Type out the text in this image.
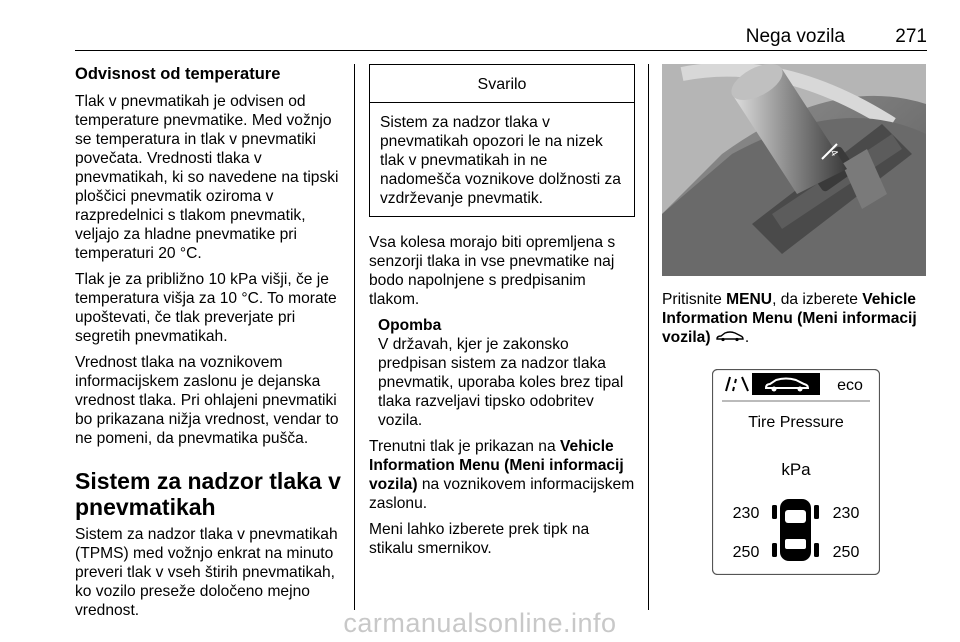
Nega vozila	271
Odvisnost od temperature

Tlak v pnevmatikah je odvisen od temperature pnevmatike. Med vožnjo se temperatura in tlak v pnevmatiki povečata. Vrednosti tlaka v pnevmatikah, ki so navedene na tipski ploščici pnevmatik oziroma v razpredelnici s tlakom pnevmatik, veljajo za hladne pnevmatike pri temperaturi 20 °C.

Tlak je za približno 10 kPa višji, če je temperatura višja za 10 °C. To morate upoštevati, če tlak preverjate pri segretih pnevmatikah.

Vrednost tlaka na voznikovem informacijskem zaslonu je dejanska vrednost tlaka. Pri ohlajeni pnevmatiki bo prikazana nižja vrednost, vendar to ne pomeni, da pnevmatika pušča.

Sistem za nadzor tlaka v pnevmatikah

Sistem za nadzor tlaka v pnevmatikah (TPMS) med vožnjo enkrat na minuto preveri tlak v vseh štirih pnevmatikah, ko vozilo preseže določeno mejno vrednost.

Svarilo
Sistem za nadzor tlaka v pnevmatikah opozori le na nizek tlak v pnevmatikah in ne nadomešča voznikove dolžnosti za vzdrževanje pnevmatik.

Vsa kolesa morajo biti opremljena s senzorji tlaka in vse pnevmatike naj bodo napolnjene s predpisanim tlakom.

Opomba
V državah, kjer je zakonsko predpisan sistem za nadzor tlaka pnevmatik, uporaba koles brez tipal tlaka razveljavi tipsko odobritev vozila.

Trenutni tlak je prikazan na Vehicle Information Menu (Meni informacij vozila) na voznikovem informacijskem zaslonu.

Meni lahko izberete prek tipk na stikalu smernikov.

4

Pritisnite MENU, da izberete Vehicle Information Menu (Meni informacij vozila) .

eco
Tire Pressure
kPa
230	230
250	250
carmanualsonline.info
